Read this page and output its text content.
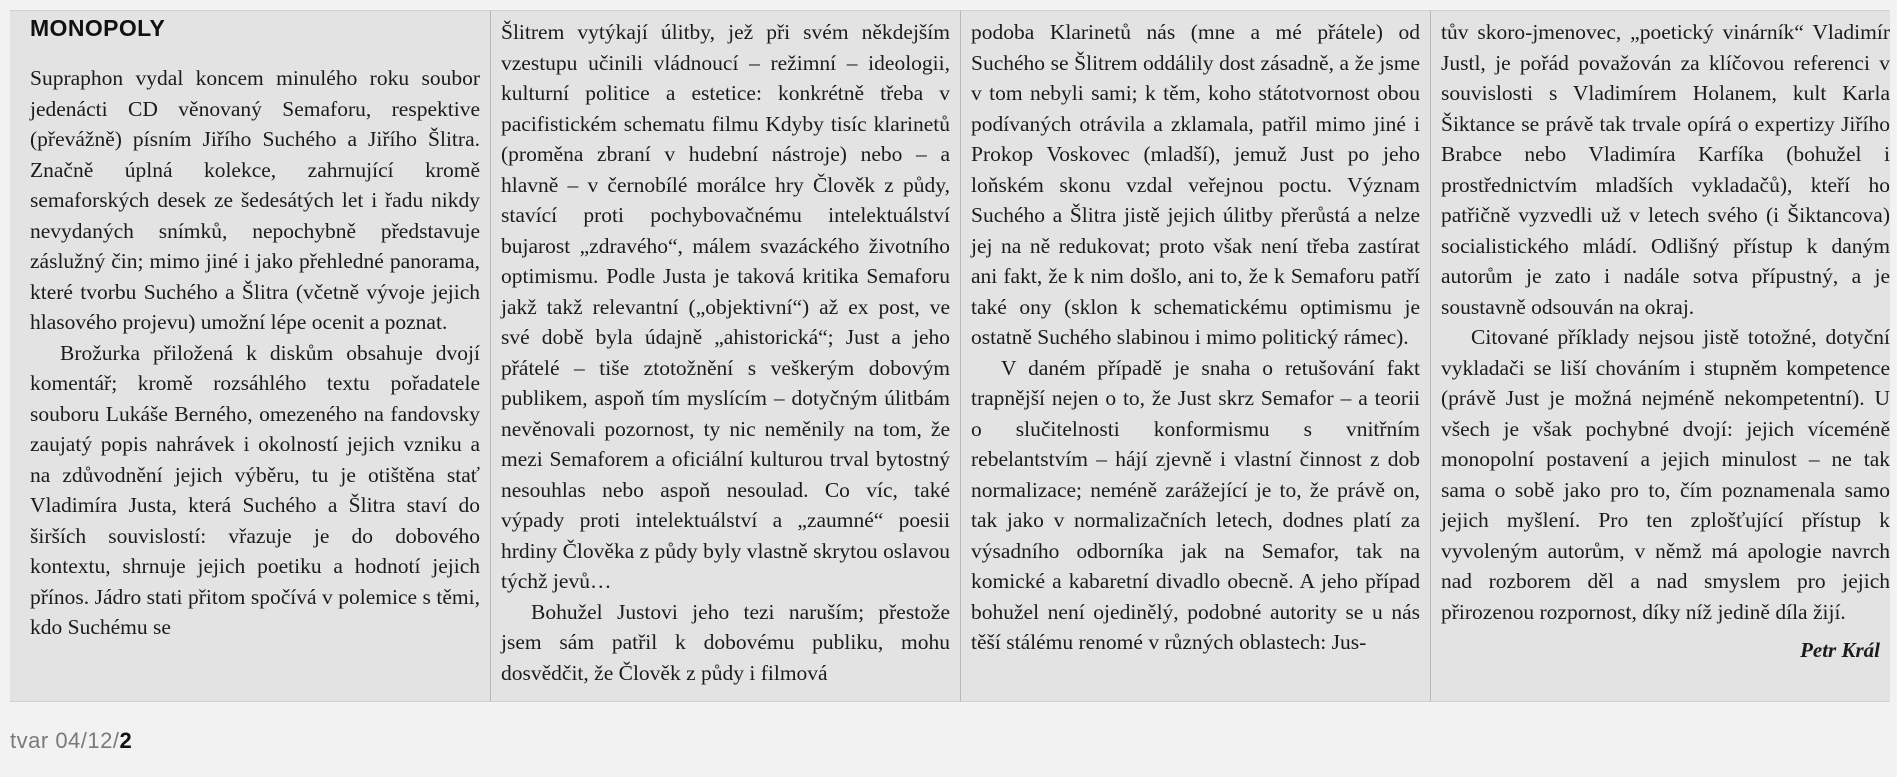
MONOPOLY

Supraphon vydal koncem minulého roku soubor jedenácti CD věnovaný Semaforu, respektive (převážně) písním Jiřího Suchého a Jiřího Šlitra. Značně úplná kolekce, zahrnující kromě semaforských desek ze šedesátých let i řadu nikdy nevydaných snímků, nepochybně představuje záslužný čin; mimo jiné i jako přehledné panorama, které tvorbu Suchého a Šlitra (včetně vývoje jejich hlasového projevu) umožní lépe ocenit a poznat.

Brožurka přiložená k diskům obsahuje dvojí komentář; kromě rozsáhlého textu pořadatele souboru Lukáše Berného, omezeného na fandovsky zaujatý popis nahrávek i okolností jejich vzniku a na zdůvodnění jejich výběru, tu je otištěna stať Vladimíra Justa, která Suchého a Šlitra staví do širších souvislostí: vřazuje je do dobového kontextu, shrnuje jejich poetiku a hodnotí jejich přínos. Jádro stati přitom spočívá v polemice s těmi, kdo Suchému se

Šlitrem vytýkají úlitby, jež při svém někdejším vzestupu učinili vládnoucí – režimní – ideologii, kulturní politice a estetice: konkrétně třeba v pacifistickém schematu filmu Kdyby tisíc klarinetů (proměna zbraní v hudební nástroje) nebo – a hlavně – v černobílé morálce hry Člověk z půdy, stavící proti pochybovačnému intelektuálství bujarost „zdravého“, málem svazáckého životního optimismu. Podle Justa je taková kritika Semaforu jakž takž relevantní („objektivní“) až ex post, ve své době byla údajně „ahistorická“; Just a jeho přátelé – tiše ztotožnění s veškerým dobovým publikem, aspoň tím myslícím – dotyčným úlitbám nevěnovali pozornost, ty nic neměnily na tom, že mezi Semaforem a oficiální kulturou trval bytostný nesouhlas nebo aspoň nesoulad. Co víc, také výpady proti intelektuálství a „zaumné“ poesii hrdiny Člověka z půdy byly vlastně skrytou oslavou týchž jevů…

Bohužel Justovi jeho tezi naruším; přestože jsem sám patřil k dobovému publiku, mohu dosvědčit, že Člověk z půdy i filmová

podoba Klarinetů nás (mne a mé přátele) od Suchého se Šlitrem oddálily dost zásadně, a že jsme v tom nebyli sami; k těm, koho státotvornost obou podívaných otrávila a zklamala, patřil mimo jiné i Prokop Voskovec (mladší), jemuž Just po jeho loňském skonu vzdal veřejnou poctu. Význam Suchého a Šlitra jistě jejich úlitby přerůstá a nelze jej na ně redukovat; proto však není třeba zastírat ani fakt, že k nim došlo, ani to, že k Semaforu patří také ony (sklon k schematickému optimismu je ostatně Suchého slabinou i mimo politický rámec).

V daném případě je snaha o retušování fakt trapnější nejen o to, že Just skrz Semafor – a teorii o slučitelnosti konformismu s vnitřním rebelantstvím – hájí zjevně i vlastní činnost z dob normalizace; neméně zarážející je to, že právě on, tak jako v normalizačních letech, dodnes platí za výsadního odborníka jak na Semafor, tak na komické a kabaretní divadlo obecně. A jeho případ bohužel není ojedinělý, podobné autority se u nás těší stálému renomé v různých oblastech: Jus-

tův skoro-jmenovec, „poetický vinárník“ Vladimír Justl, je pořád považován za klíčovou referenci v souvislosti s Vladimírem Holanem, kult Karla Šiktance se právě tak trvale opírá o expertizy Jiřího Brabce nebo Vladimíra Karfíka (bohužel i prostřednictvím mladších vykladačů), kteří ho patřičně vyzvedli už v letech svého (i Šiktancova) socialistického mládí. Odlišný přístup k daným autorům je zato i nadále sotva přípustný, a je soustavně odsouván na okraj.

Citované příklady nejsou jistě totožné, dotyční vykladači se liší chováním i stupněm kompetence (právě Just je možná nejméně nekompetentní). U všech je však pochybné dvojí: jejich víceméně monopolní postavení a jejich minulost – ne tak sama o sobě jako pro to, čím poznamenala samo jejich myšlení. Pro ten zplošťující přístup k vyvoleným autorům, v němž má apologie navrch nad rozborem děl a nad smyslem pro jejich přirozenou rozpornost, díky níž jedině díla žijí.

Petr Král
tvar 04/12/2
